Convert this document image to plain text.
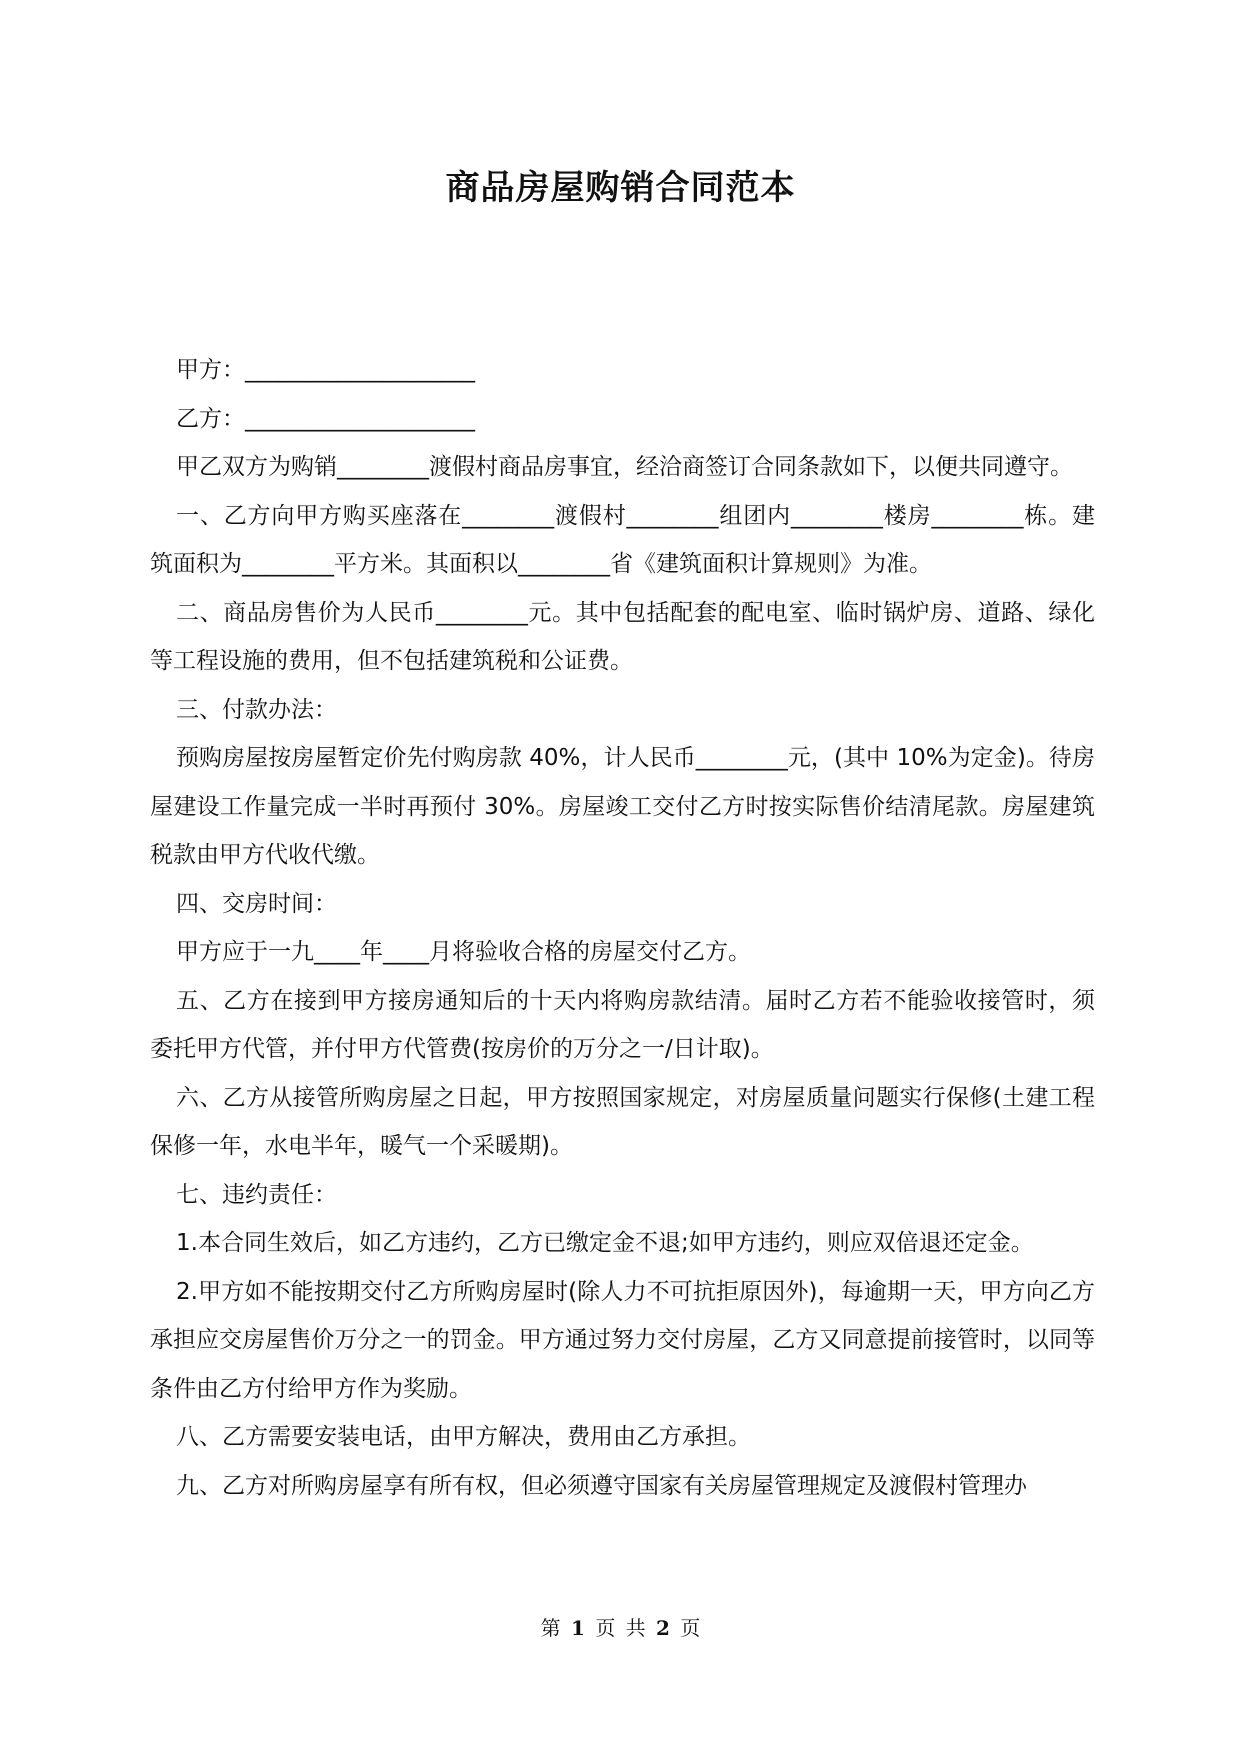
商品房屋购销合同范本

甲方：____________________

乙方：____________________

甲乙双方为购销________渡假村商品房事宜，经洽商签订合同条款如下，以便共同遵守。

一、乙方向甲方购买座落在________渡假村________组团内________楼房________栋。建筑面积为________平方米。其面积以________省《建筑面积计算规则》为准。

二、商品房售价为人民币________元。其中包括配套的配电室、临时锅炉房、道路、绿化等工程设施的费用，但不包括建筑税和公证费。

三、付款办法：

预购房屋按房屋暂定价先付购房款 40%，计人民币________元，(其中 10%为定金)。待房屋建设工作量完成一半时再预付 30%。房屋竣工交付乙方时按实际售价结清尾款。房屋建筑税款由甲方代收代缴。

四、交房时间：

甲方应于一九____年____月将验收合格的房屋交付乙方。

五、乙方在接到甲方接房通知后的十天内将购房款结清。届时乙方若不能验收接管时，须委托甲方代管，并付甲方代管费(按房价的万分之一/日计取)。

六、乙方从接管所购房屋之日起，甲方按照国家规定，对房屋质量问题实行保修(土建工程保修一年，水电半年，暖气一个采暖期)。

七、违约责任：

1.本合同生效后，如乙方违约，乙方已缴定金不退;如甲方违约，则应双倍退还定金。

2.甲方如不能按期交付乙方所购房屋时(除人力不可抗拒原因外)，每逾期一天，甲方向乙方承担应交房屋售价万分之一的罚金。甲方通过努力交付房屋，乙方又同意提前接管时，以同等条件由乙方付给甲方作为奖励。

八、乙方需要安装电话，由甲方解决，费用由乙方承担。

九、乙方对所购房屋享有所有权，但必须遵守国家有关房屋管理规定及渡假村管理办

第 1 页 共 2 页
